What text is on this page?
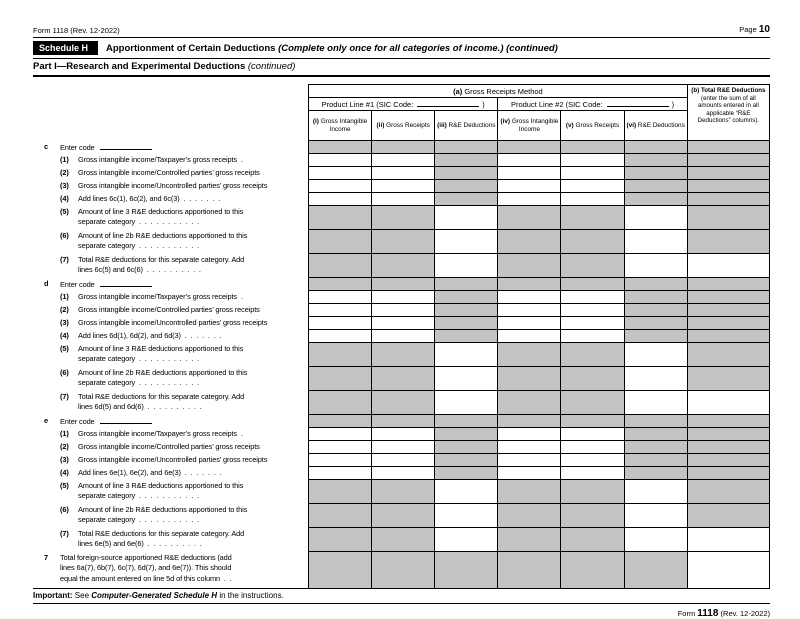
Form 1118 (Rev. 12-2022)	Page 10
Schedule H	Apportionment of Certain Deductions (Complete only once for all categories of income.) (continued)
Part I—Research and Experimental Deductions (continued)
	(a) Gross Receipts Method						(b) Total R&E Deductions
(enter the sum of all amounts entered in all applicable “R&E Deductions” columns).

	Product Line #1 (SIC Code: )			Product Line #2 (SIC Code: )			
	(i) Gross Intangible Income	(ii) Gross Receipts	(iii) R&E Deductions	(iv) Gross Intangible Income	(v) Gross Receipts	(vi) R&E Deductions	

c Enter code							

(1) Gross intangible income/Taxpayer’s gross receipts  .							

(2) Gross intangible income/Controlled parties’ gross receipts							

(3) Gross intangible income/Uncontrolled parties’ gross receipts							

(4) Add lines 6c(1), 6c(2), and 6c(3)  .  .  .  .  .  .  .							

(5) Amount of line 3 R&E deductions apportioned to this
separate category  .  .  .  .  .  .  .  .  .  .  .							

(6) Amount of line 2b R&E deductions apportioned to this
separate category  .  .  .  .  .  .  .  .  .  .  .							

(7) Total R&E deductions for this separate category. Add
lines 6c(5) and 6c(6)  .  .  .  .  .  .  .  .  .  .							

d Enter code							

(1) Gross intangible income/Taxpayer’s gross receipts  .							

(2) Gross intangible income/Controlled parties’ gross receipts							

(3) Gross intangible income/Uncontrolled parties’ gross receipts							

(4) Add lines 6d(1), 6d(2), and 6d(3)  .  .  .  .  .  .  .							

(5) Amount of line 3 R&E deductions apportioned to this
separate category  .  .  .  .  .  .  .  .  .  .  .							

(6) Amount of line 2b R&E deductions apportioned to this
separate category  .  .  .  .  .  .  .  .  .  .  .							

(7) Total R&E deductions for this separate category. Add
lines 6d(5) and 6d(6)  .  .  .  .  .  .  .  .  .  .							

e Enter code							

(1) Gross intangible income/Taxpayer’s gross receipts  .							

(2) Gross intangible income/Controlled parties’ gross receipts							

(3) Gross intangible income/Uncontrolled parties’ gross receipts							

(4) Add lines 6e(1), 6e(2), and 6e(3)  .  .  .  .  .  .  .							

(5) Amount of line 3 R&E deductions apportioned to this
separate category  .  .  .  .  .  .  .  .  .  .  .							

(6) Amount of line 2b R&E deductions apportioned to this
separate category  .  .  .  .  .  .  .  .  .  .  .							

(7) Total R&E deductions for this separate category. Add
lines 6e(5) and 6e(6)  .  .  .  .  .  .  .  .  .  .							

7 Total foreign-source apportioned R&E deductions (add
lines 6a(7), 6b(7), 6c(7), 6d(7), and 6e(7)). This should
equal the amount entered on line 5d of this column  .  .							

Important: See Computer-Generated Schedule H in the instructions.
Form 1118 (Rev. 12-2022)
